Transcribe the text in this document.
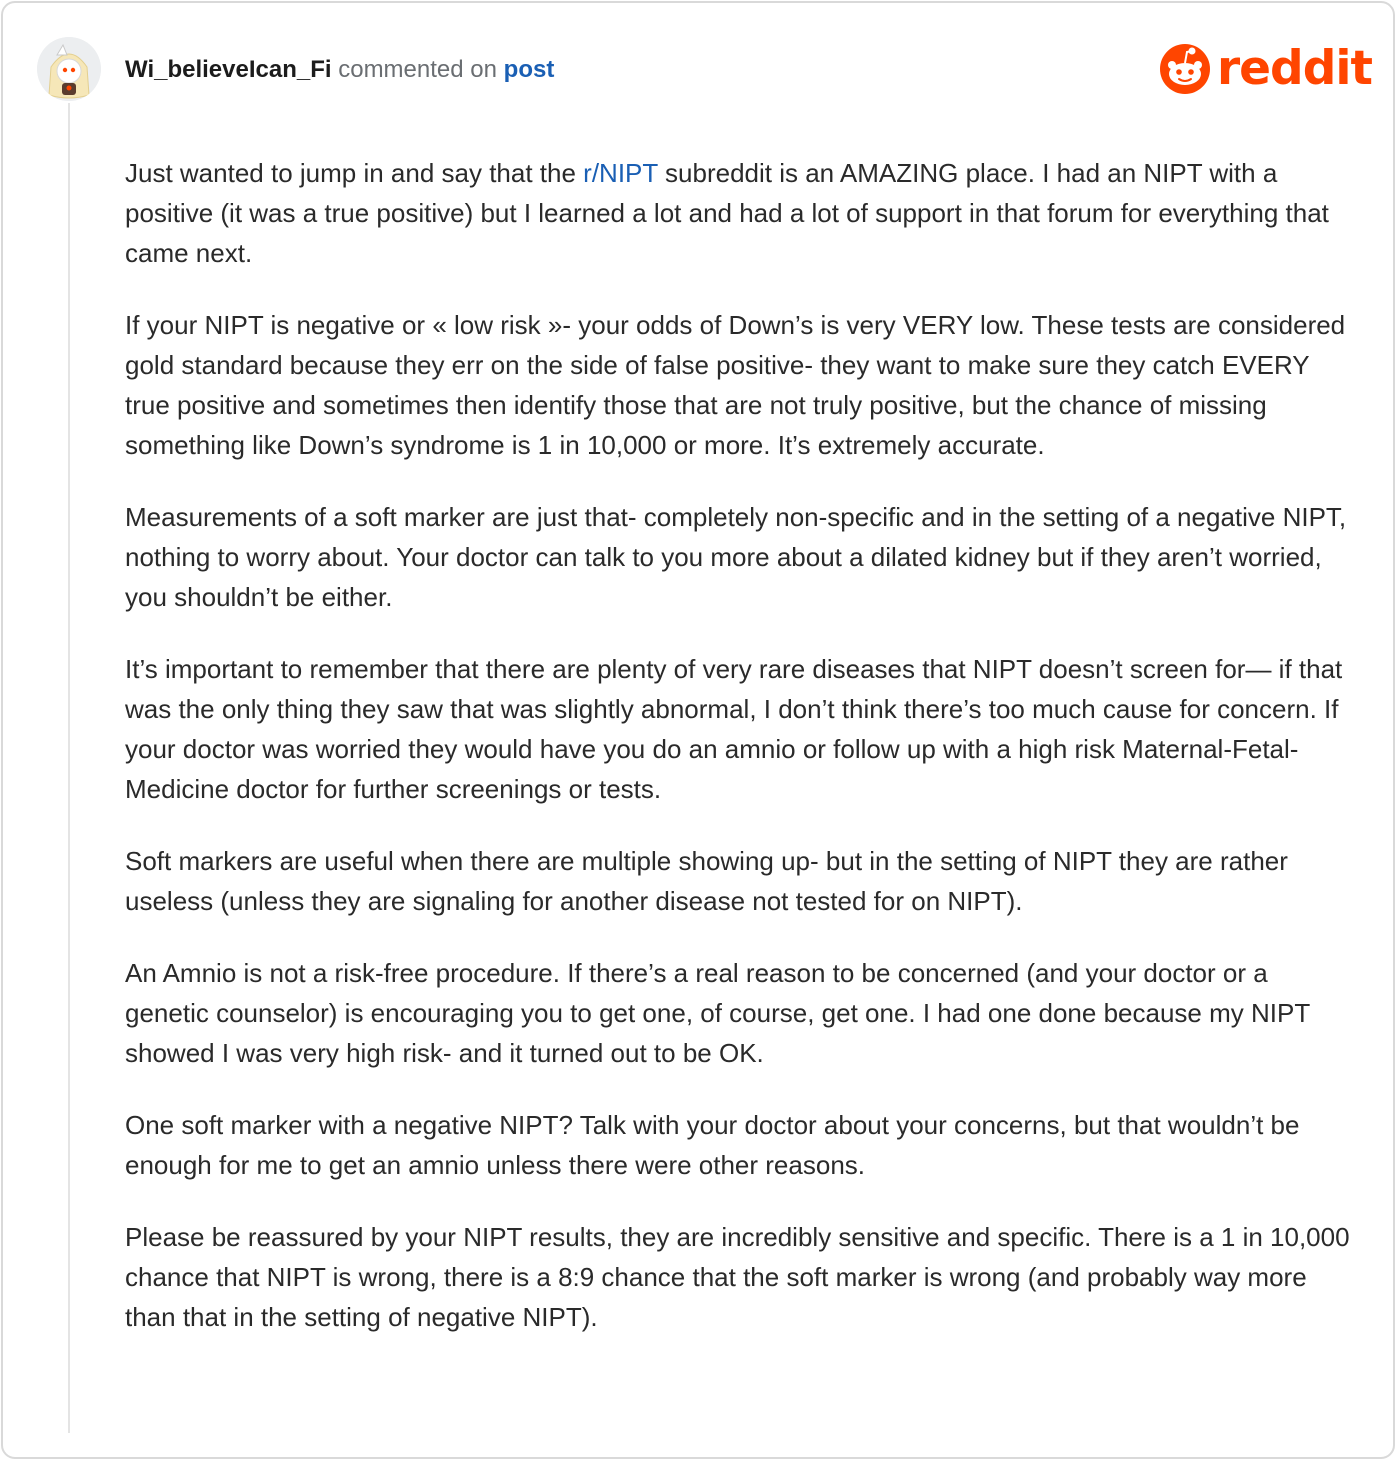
Wi_believeIcan_Fi commented on post	reddit

Just wanted to jump in and say that the r/NIPT subreddit is an AMAZING place. I had an NIPT with a positive (it was a true positive) but I learned a lot and had a lot of support in that forum for everything that came next.

If your NIPT is negative or « low risk »- your odds of Down’s is very VERY low. These tests are considered gold standard because they err on the side of false positive- they want to make sure they catch EVERY true positive and sometimes then identify those that are not truly positive, but the chance of missing something like Down’s syndrome is 1 in 10,000 or more. It’s extremely accurate.

Measurements of a soft marker are just that- completely non-specific and in the setting of a negative NIPT, nothing to worry about. Your doctor can talk to you more about a dilated kidney but if they aren’t worried, you shouldn’t be either.

It’s important to remember that there are plenty of very rare diseases that NIPT doesn’t screen for— if that was the only thing they saw that was slightly abnormal, I don’t think there’s too much cause for concern. If your doctor was worried they would have you do an amnio or follow up with a high risk Maternal-Fetal-Medicine doctor for further screenings or tests.

Soft markers are useful when there are multiple showing up- but in the setting of NIPT they are rather useless (unless they are signaling for another disease not tested for on NIPT).

An Amnio is not a risk-free procedure. If there’s a real reason to be concerned (and your doctor or a genetic counselor) is encouraging you to get one, of course, get one. I had one done because my NIPT showed I was very high risk- and it turned out to be OK.

One soft marker with a negative NIPT? Talk with your doctor about your concerns, but that wouldn’t be enough for me to get an amnio unless there were other reasons.

Please be reassured by your NIPT results, they are incredibly sensitive and specific. There is a 1 in 10,000 chance that NIPT is wrong, there is a 8:9 chance that the soft marker is wrong (and probably way more than that in the setting of negative NIPT).
